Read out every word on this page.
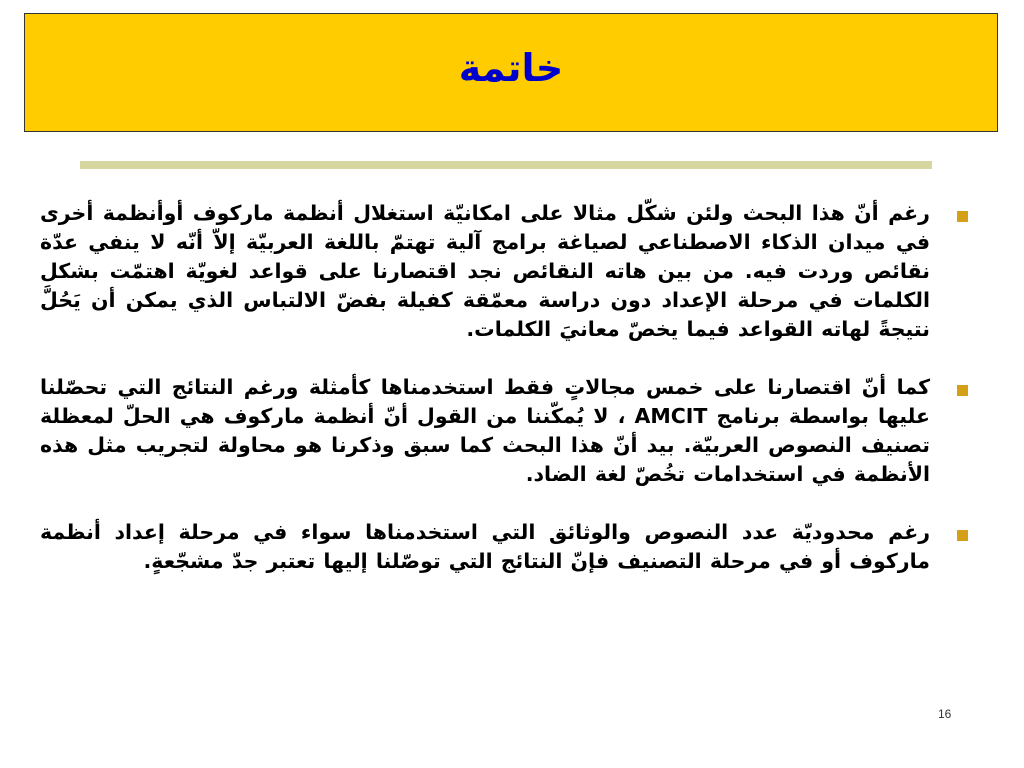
خاتمة
رغم أنّ هذا البحث ولئن شكّل مثالا على امكانيّة استغلال أنظمة ماركوف أوأنظمة أخرى في ميدان الذكاء الاصطناعي لصياغة برامج آلية تهتمّ باللغة العربيّة إلاّ أنّه لا ينفي عدّة نقائص وردت فيه. من بين هاته النقائص نجد اقتصارنا على قواعد لغويّة اهتمّت بشكل الكلمات في مرحلة الإعداد دون دراسة معمّقة كفيلة بفضّ الالتباس الذي يمكن أن يَحُلَّ نتيجةً لهاته القواعد فيما يخصّ معانيَ الكلمات.
كما أنّ اقتصارنا على خمس مجالاتٍ فقط استخدمناها كأمثلة ورغم النتائج التي تحصّلنا عليها بواسطة برنامج AMCIT ، لا يُمكّننا من القول أنّ أنظمة ماركوف هي الحلّ لمعظلة تصنيف النصوص العربيّة. بيد أنّ هذا البحث كما سبق وذكرنا هو محاولة لتجريب مثل هذه الأنظمة في استخدامات تخُصّ لغة الضاد.
رغم محدوديّة عدد النصوص والوثائق التي استخدمناها سواء في مرحلة إعداد أنظمة ماركوف أو في مرحلة التصنيف فإنّ النتائج التي توصّلنا إليها تعتبر جدّ مشجّعةٍ.
16
